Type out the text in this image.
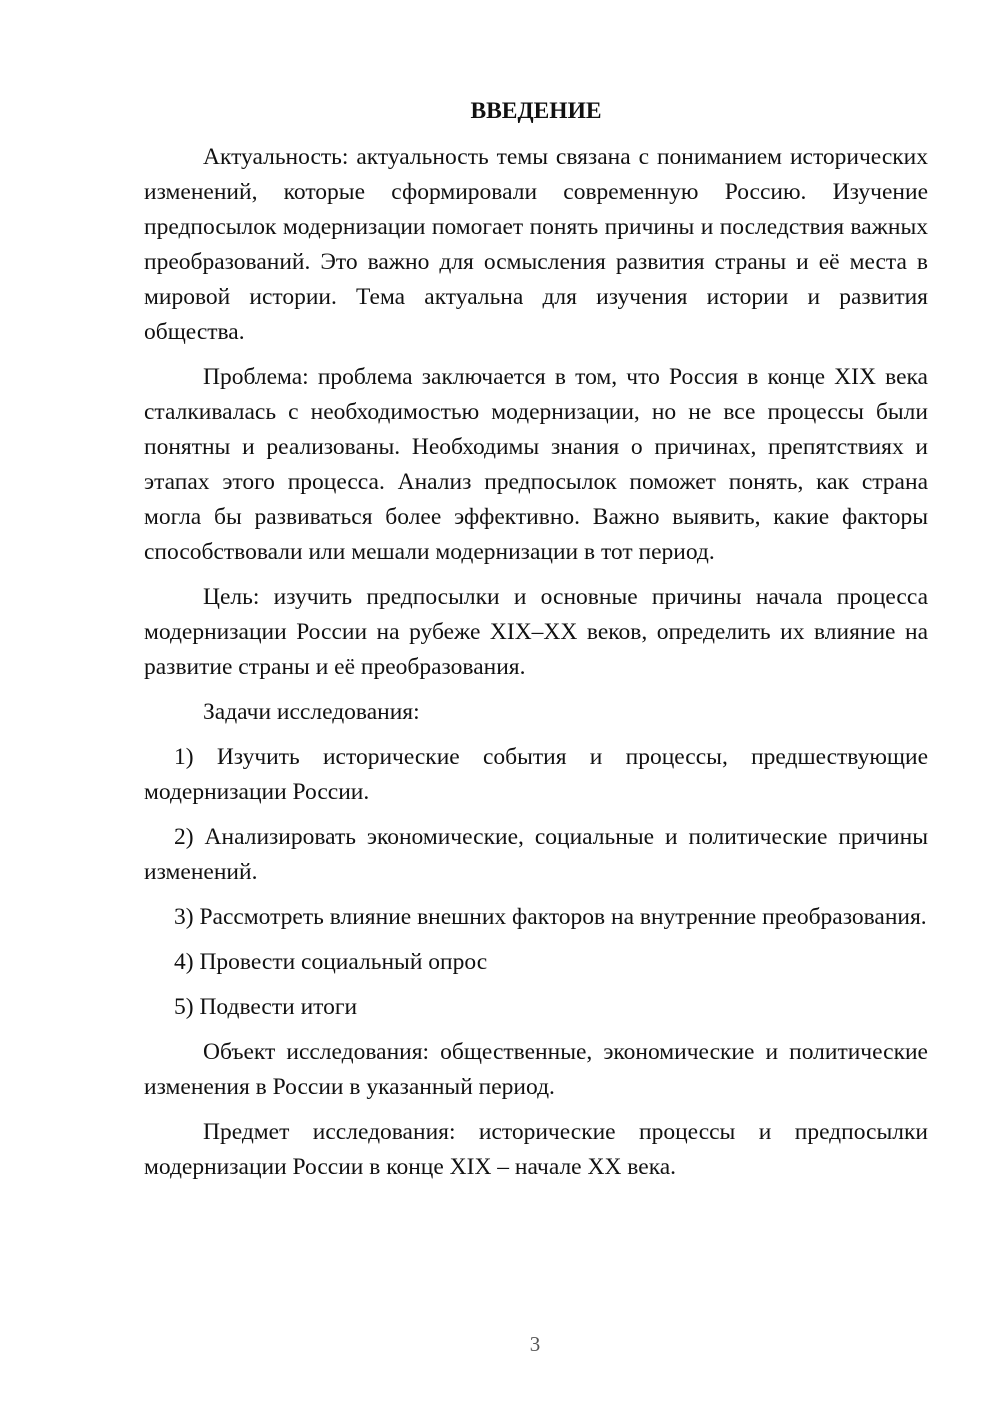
ВВЕДЕНИЕ

Актуальность: актуальность темы связана с пониманием исторических изменений, которые сформировали современную Россию. Изучение предпосылок модернизации помогает понять причины и последствия важных преобразований. Это важно для осмысления развития страны и её места в мировой истории. Тема актуальна для изучения истории и развития общества.

Проблема: проблема заключается в том, что Россия в конце XIX века сталкивалась с необходимостью модернизации, но не все процессы были понятны и реализованы. Необходимы знания о причинах, препятствиях и этапах этого процесса. Анализ предпосылок поможет понять, как страна могла бы развиваться более эффективно. Важно выявить, какие факторы способствовали или мешали модернизации в тот период.

Цель: изучить предпосылки и основные причины начала процесса модернизации России на рубеже XIX–XX веков, определить их влияние на развитие страны и её преобразования.

Задачи исследования:

1) Изучить исторические события и процессы, предшествующие модернизации России.

2) Анализировать экономические, социальные и политические причины изменений.

3) Рассмотреть влияние внешних факторов на внутренние преобразования.

4) Провести социальный опрос

5) Подвести итоги

Объект исследования: общественные, экономические и политические изменения в России в указанный период.

Предмет исследования: исторические процессы и предпосылки модернизации России в конце XIX – начале XX века.

3
